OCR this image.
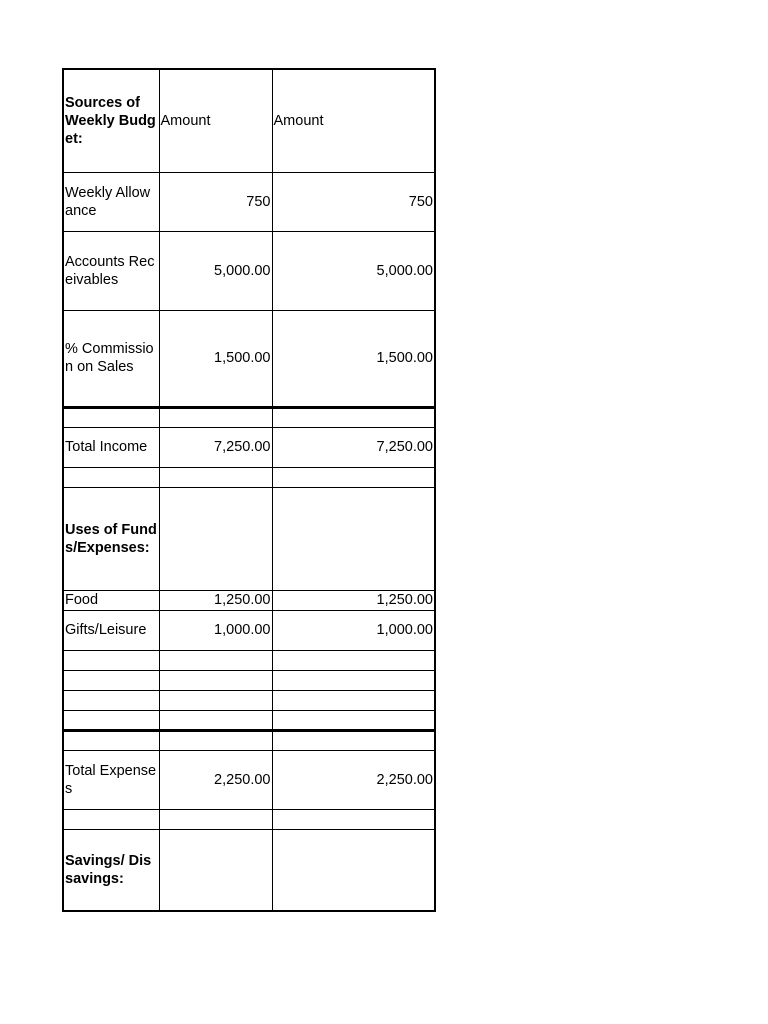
Sources of Weekly Budget:	Amount	Amount
Weekly Allowance	750	750
Accounts Receivables	5,000.00	5,000.00
% Commission on Sales	1,500.00	1,500.00

Total Income	7,250.00	7,250.00

Uses of Funds/Expenses:		
Food	1,250.00	1,250.00
Gifts/Leisure	1,000.00	1,000.00

Total Expenses	2,250.00	2,250.00

Savings/ Dissavings:		
